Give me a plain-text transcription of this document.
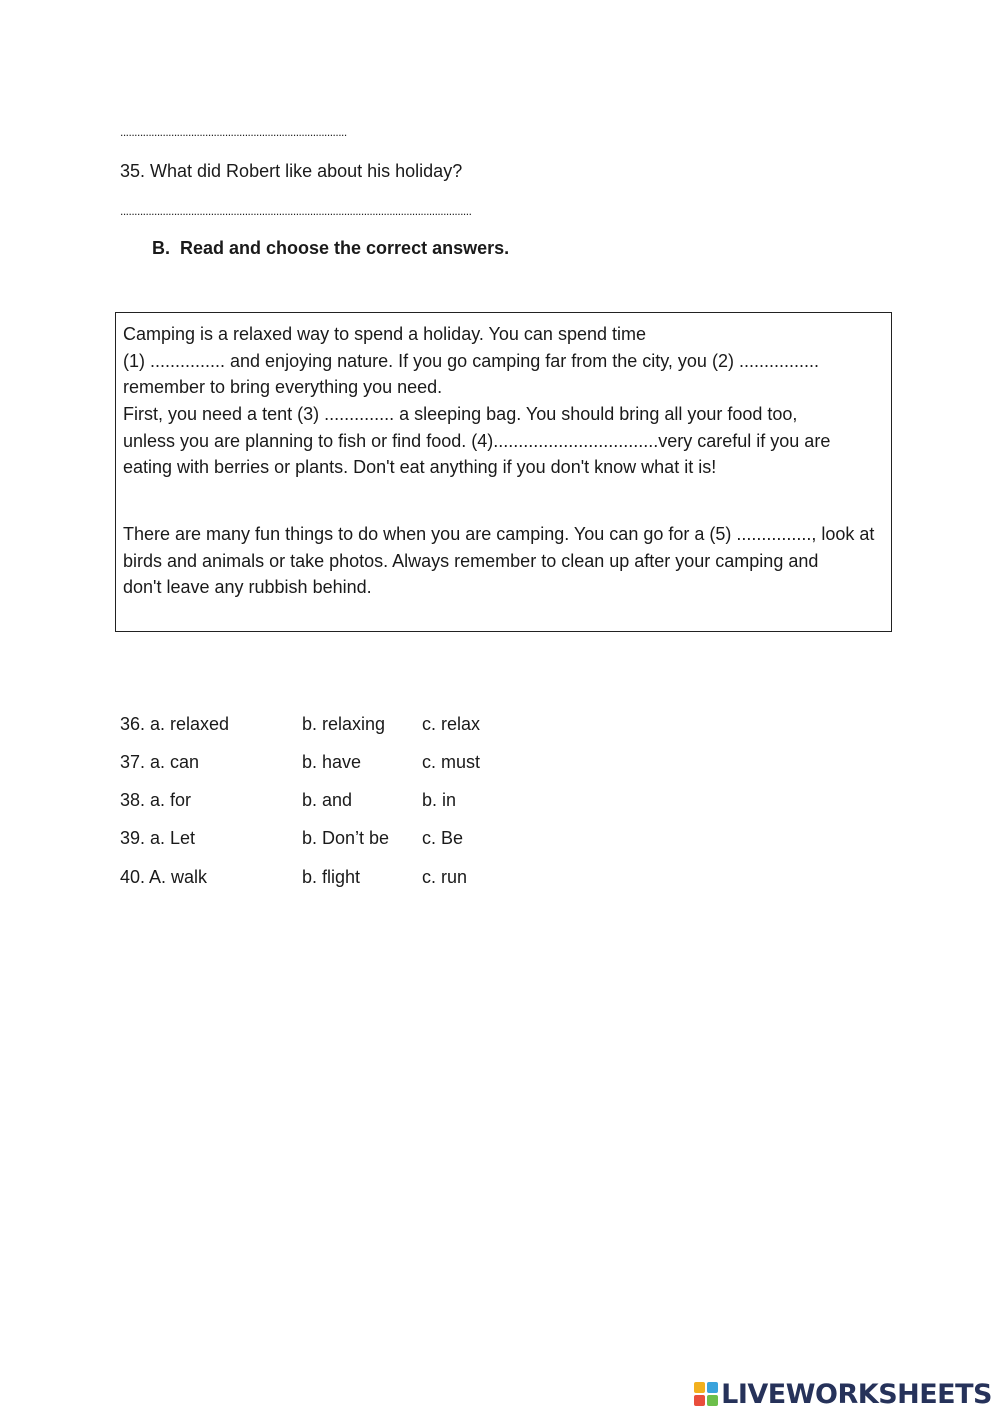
................................................................................
35. What did Robert like about his holiday?
............................................................................................................................
B.  Read and choose the correct answers.
Camping is a relaxed way to spend a holiday. You can spend time
(1) ............... and enjoying nature. If you go camping far from the city, you (2) ................
remember to bring everything you need.
First, you need a tent (3) .............. a sleeping bag. You should bring all your food too,
unless you are planning to fish or find food. (4).................................very careful if you are
eating with berries or plants. Don't eat anything if you don't know what it is!
There are many fun things to do when you are camping. You can go for a (5) ..............., look at
birds and animals or take photos. Always remember to clean up after your camping and
don't leave any rubbish behind.
36. a. relaxed	b. relaxing c. relax
37. a. can	b. have	c. must
38. a. for	b. and	b. in
39. a. Let	b. Don’t be c. Be
40. A. walk	b. flight	c. run
LIVEWORKSHEETS
